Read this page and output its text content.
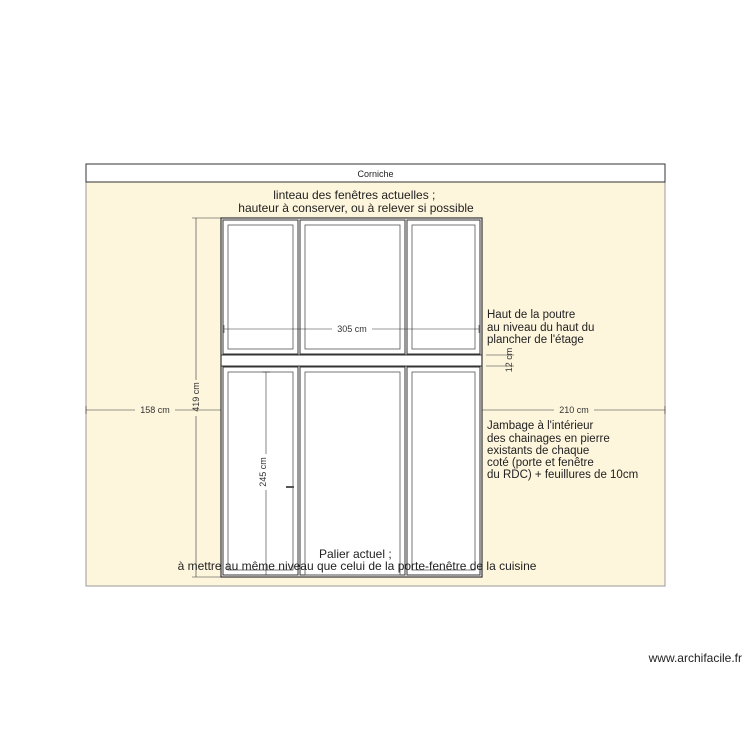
Corniche
305 cm
419 cm
158 cm	210 cm
12 cm
245 cm
linteau des fenêtres actuelles ; hauteur à conserver, ou à relever si possible
Haut de la poutre au niveau du haut du plancher de l'étage
Jambage à l'intérieur des chainages en pierre existants de chaque coté (porte et fenêtre du RDC) + feuillures de 10cm
Palier actuel ; à mettre au même niveau que celui de la porte-fenêtre de la cuisine
www.archifacile.fr
